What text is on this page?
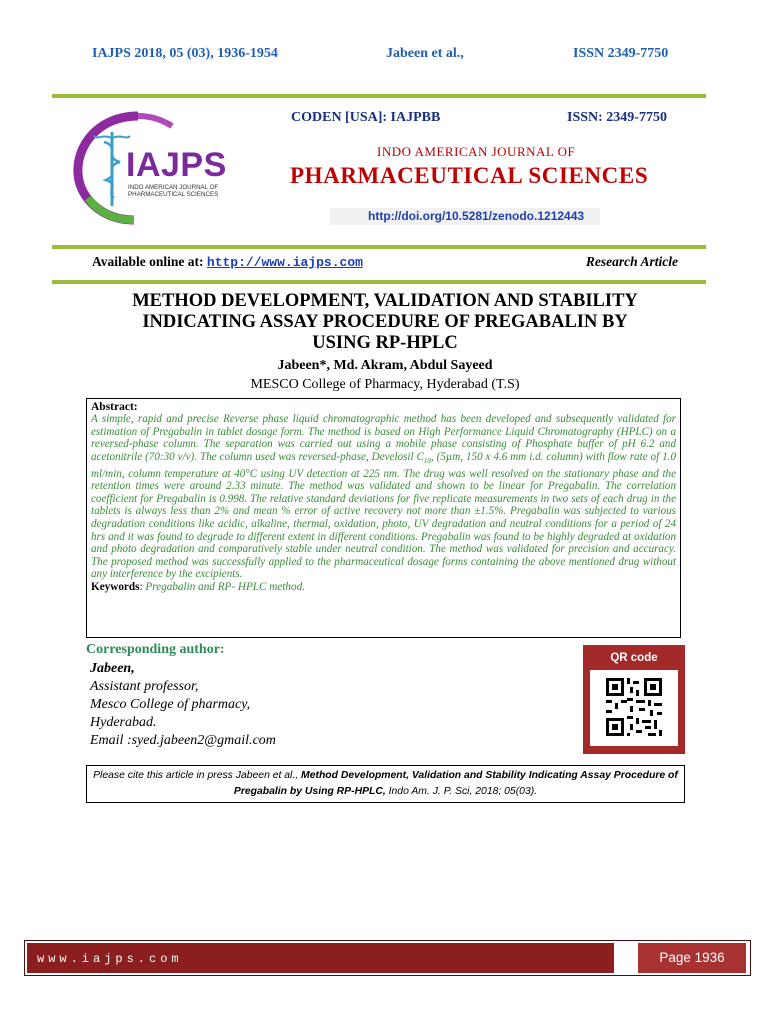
IAJPS 2018, 05 (03), 1936-1954	Jabeen et al.,	ISSN 2349-7750
IAJPS
INDO AMERICAN JOURNAL OF PHARMACEUTICAL SCIENCES
CODEN [USA]: IAJPBB	ISSN: 2349-7750
INDO AMERICAN JOURNAL OF
PHARMACEUTICAL SCIENCES
http://doi.org/10.5281/zenodo.1212443
Available online at: http://www.iajps.com	Research Article
METHOD DEVELOPMENT, VALIDATION AND STABILITY
INDICATING ASSAY PROCEDURE OF PREGABALIN BY
USING RP-HPLC
Jabeen*, Md. Akram, Abdul Sayeed
MESCO College of Pharmacy, Hyderabad (T.S)
Abstract:
A simple, rapid and precise Reverse phase liquid chromatographic method has been developed and subsequently validated for estimation of Pregabalin in tablet dosage form. The method is based on High Performance Liquid Chromatography (HPLC) on a reversed-phase column. The separation was carried out using a mobile phase consisting of Phosphate buffer of pH 6.2 and acetonitrile (70:30 v/v). The column used was reversed-phase, Develosil $C_{18}$, (5µm, 150 x 4.6 mm i.d. column) with flow rate of 1.0 ml/min, column temperature at 40°C using UV detection at 225 nm. The drug was well resolved on the stationary phase and the retention times were around 2.33 minute. The method was validated and shown to be linear for Pregabalin. The correlation coefficient for Pregabalin is 0.998. The relative standard deviations for five replicate measurements in two sets of each drug in the tablets is always less than 2% and mean % error of active recovery not more than ±1.5%. Pregabalin was subjected to various degradation conditions like acidic, alkaline, thermal, oxidation, photo, UV degradation and neutral conditions for a period of 24 hrs and it was found to degrade to different extent in different conditions. Pregabalin was found to be highly degraded at oxidation and photo degradation and comparatively stable under neutral condition. The method was validated for precision and accuracy. The proposed method was successfully applied to the pharmaceutical dosage forms containing the above mentioned drug without any interference by the excipients.
Keywords: Pregabalin and RP- HPLC method.
Corresponding author:
Jabeen,
Assistant professor,
Mesco College of pharmacy,
Hyderabad.
Email :syed.jabeen2@gmail.com
QR code
Please cite this article in press Jabeen et al., Method Development, Validation and Stability Indicating Assay Procedure of Pregabalin by Using RP-HPLC, Indo Am. J. P. Sci, 2018; 05(03).
www.iajps.com	Page 1936
